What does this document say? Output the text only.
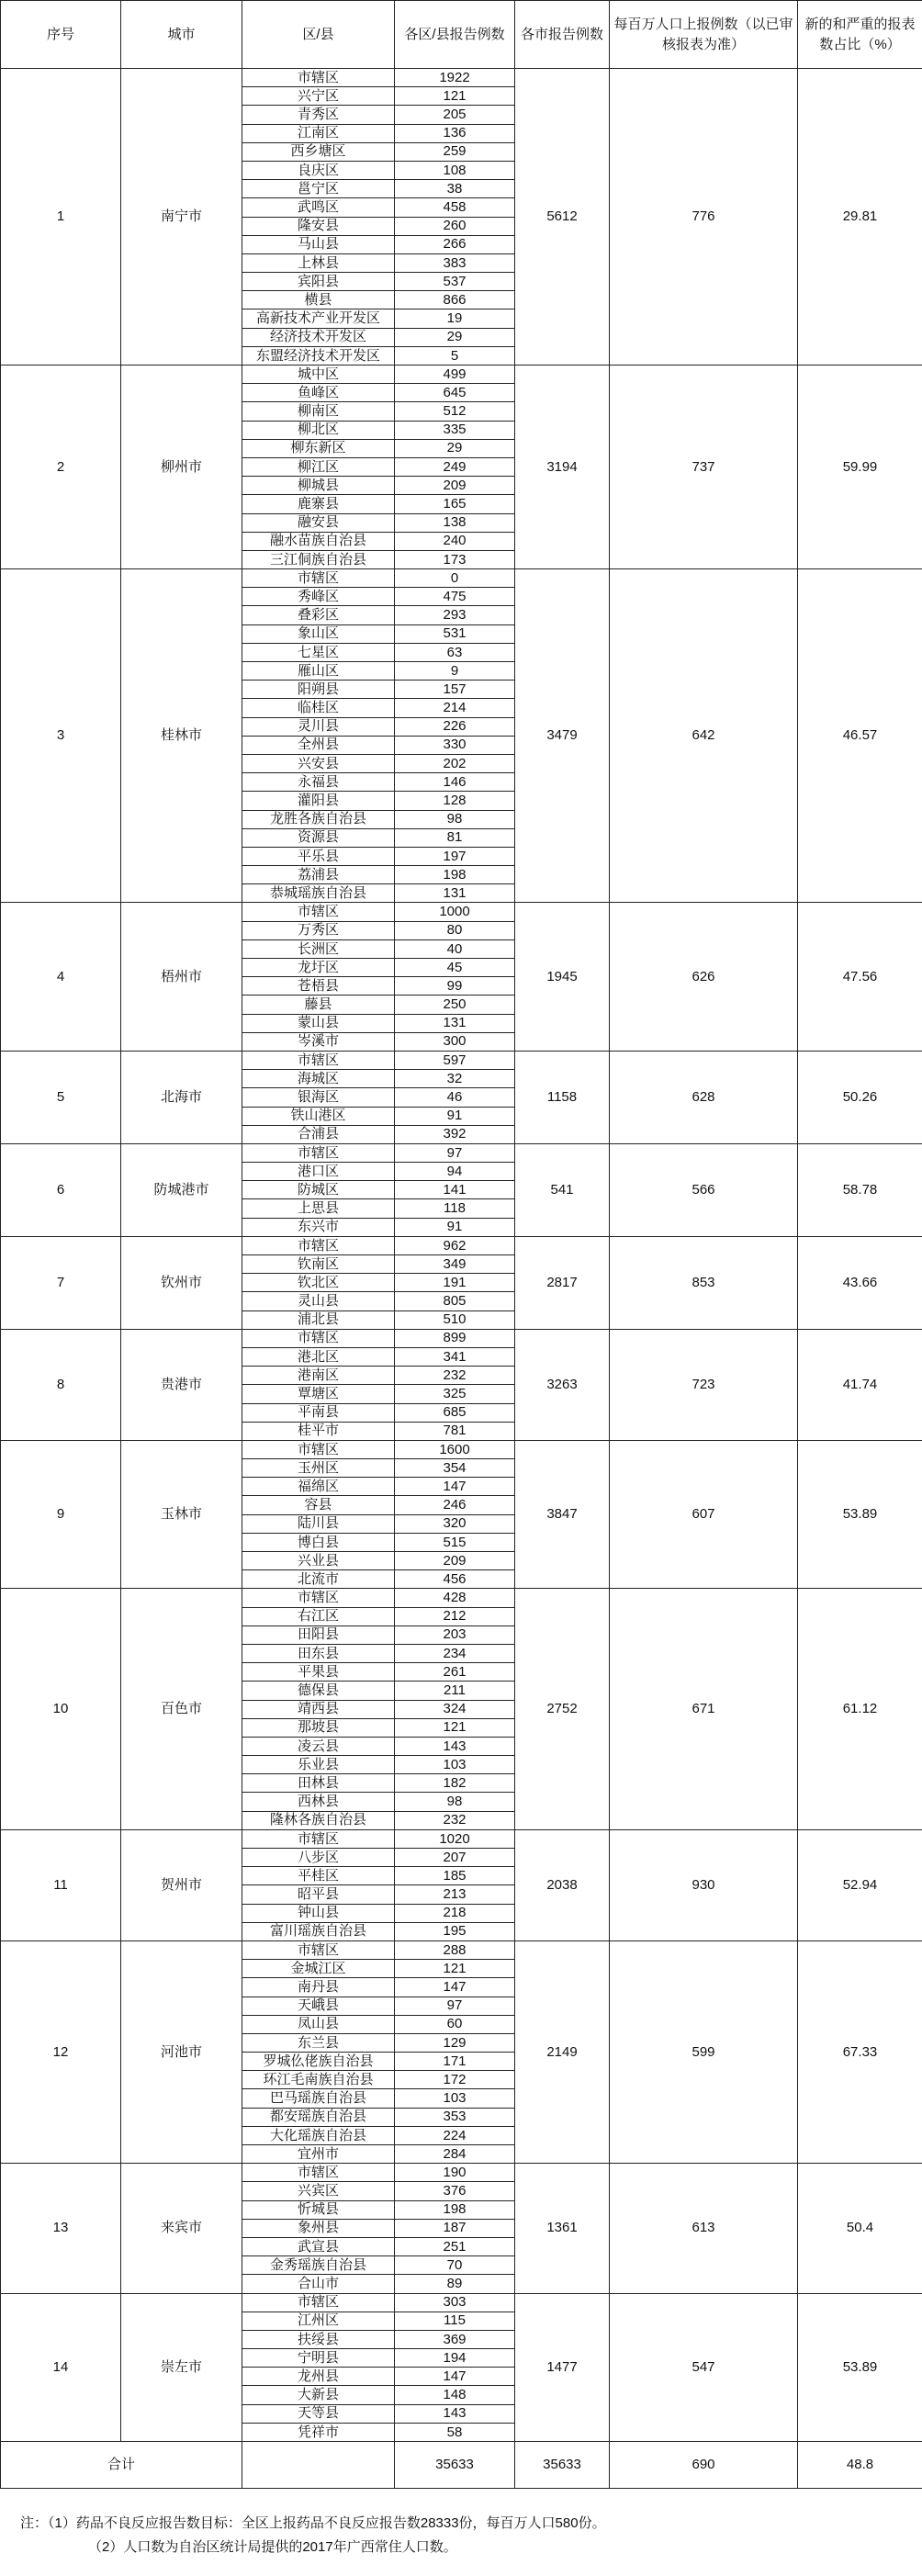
序号	城市	区/县	各区/县报告例数	各市报告例数	每百万人口上报例数（以已审核报表为准）	新的和严重的报表数占比（%）
1	南宁市	市辖区	1922	5612	776	29.81
		兴宁区	121			
		青秀区	205			
		江南区	136			
		西乡塘区	259			
		良庆区	108			
		邕宁区	38			
		武鸣区	458			
		隆安县	260			
		马山县	266			
		上林县	383			
		宾阳县	537			
		横县	866			
		高新技术产业开发区	19			
		经济技术开发区	29			
		东盟经济技术开发区	5			
2	柳州市	城中区	499	3194	737	59.99
		鱼峰区	645			
		柳南区	512			
		柳北区	335			
		柳东新区	29			
		柳江区	249			
		柳城县	209			
		鹿寨县	165			
		融安县	138			
		融水苗族自治县	240			
		三江侗族自治县	173			
3	桂林市	市辖区	0	3479	642	46.57
		秀峰区	475			
		叠彩区	293			
		象山区	531			
		七星区	63			
		雁山区	9			
		阳朔县	157			
		临桂区	214			
		灵川县	226			
		全州县	330			
		兴安县	202			
		永福县	146			
		灌阳县	128			
		龙胜各族自治县	98			
		资源县	81			
		平乐县	197			
		荔浦县	198			
		恭城瑶族自治县	131			
4	梧州市	市辖区	1000	1945	626	47.56
		万秀区	80			
		长洲区	40			
		龙圩区	45			
		苍梧县	99			
		藤县	250			
		蒙山县	131			
		岑溪市	300			
5	北海市	市辖区	597	1158	628	50.26
		海城区	32			
		银海区	46			
		铁山港区	91			
		合浦县	392			
6	防城港市	市辖区	97	541	566	58.78
		港口区	94			
		防城区	141			
		上思县	118			
		东兴市	91			
7	钦州市	市辖区	962	2817	853	43.66
		钦南区	349			
		钦北区	191			
		灵山县	805			
		浦北县	510			
8	贵港市	市辖区	899	3263	723	41.74
		港北区	341			
		港南区	232			
		覃塘区	325			
		平南县	685			
		桂平市	781			
9	玉林市	市辖区	1600	3847	607	53.89
		玉州区	354			
		福绵区	147			
		容县	246			
		陆川县	320			
		博白县	515			
		兴业县	209			
		北流市	456			
10	百色市	市辖区	428	2752	671	61.12
		右江区	212			
		田阳县	203			
		田东县	234			
		平果县	261			
		德保县	211			
		靖西县	324			
		那坡县	121			
		凌云县	143			
		乐业县	103			
		田林县	182			
		西林县	98			
		隆林各族自治县	232			
11	贺州市	市辖区	1020	2038	930	52.94
		八步区	207			
		平桂区	185			
		昭平县	213			
		钟山县	218			
		富川瑶族自治县	195			
12	河池市	市辖区	288	2149	599	67.33
		金城江区	121			
		南丹县	147			
		天峨县	97			
		凤山县	60			
		东兰县	129			
		罗城仫佬族自治县	171			
		环江毛南族自治县	172			
		巴马瑶族自治县	103			
		都安瑶族自治县	353			
		大化瑶族自治县	224			
		宜州市	284			
13	来宾市	市辖区	190	1361	613	50.4
		兴宾区	376			
		忻城县	198			
		象州县	187			
		武宣县	251			
		金秀瑶族自治县	70			
		合山市	89			
14	崇左市	市辖区	303	1477	547	53.89
		江州区	115			
		扶绥县	369			
		宁明县	194			
		龙州县	147			
		大新县	148			
		天等县	143			
		凭祥市	58			
合计			35633	35633	690	48.8
注：（1）药品不良反应报告数目标：全区上报药品不良反应报告数28333份，每百万人口580份。
（2）人口数为自治区统计局提供的2017年广西常住人口数。
